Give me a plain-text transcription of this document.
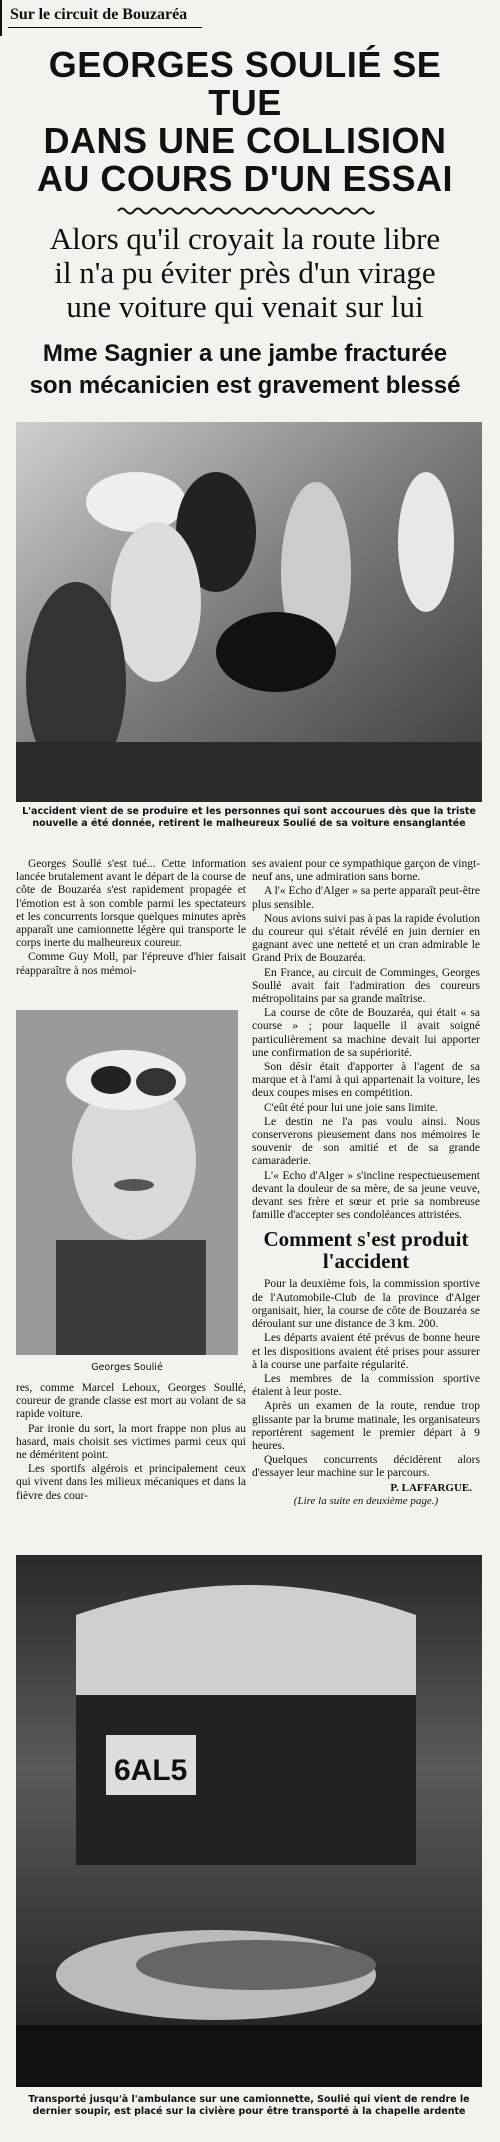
Sur le circuit de Bouzaréa
GEORGES SOULIÉ SE TUE
DANS UNE COLLISION
AU COURS D'UN ESSAI
Alors qu'il croyait la route libre
il n'a pu éviter près d'un virage
une voiture qui venait sur lui
Mme Sagnier a une jambe fracturée
son mécanicien est gravement blessé
L'accident vient de se produire et les personnes qui sont accourues dès que la triste nouvelle a été donnée, retirent le malheureux Soulié de sa voiture ensanglantée

Georges Soullé s'est tué... Cette information lancée brutalement avant le départ de la course de côte de Bouzaréa s'est rapidement propagée et l'émotion est à son comble parmi les spectateurs et les concurrents lorsque quelques minutes après apparaît une camionnette légère qui transporte le corps inerte du malheureux coureur.

Comme Guy Moll, par l'épreuve d'hier faisait réapparaître à nos mémoi-

Georges Soulié

res, comme Marcel Lehoux, Georges Soullé, coureur de grande classe est mort au volant de sa rapide voiture.

Par ironie du sort, la mort frappe non plus au hasard, mais choisit ses victimes parmi ceux qui ne déméritent point.

Les sportifs algérois et principalement ceux qui vivent dans les milieux mécaniques et dans la fièvre des cour-

ses avaient pour ce sympathique garçon de vingt-neuf ans, une admiration sans borne.

A l'« Echo d'Alger » sa perte apparaît peut-être plus sensible.

Nous avions suivi pas à pas la rapide évolution du coureur qui s'était révélé en juin dernier en gagnant avec une netteté et un cran admirable le Grand Prix de Bouzaréa.

En France, au circuit de Comminges, Georges Soullé avait fait l'admiration des coureurs métropolitains par sa grande maîtrise.

La course de côte de Bouzaréa, qui était « sa course » ; pour laquelle il avait soigné particulièrement sa machine devait lui apporter une confirmation de sa supériorité.

Son désir était d'apporter à l'agent de sa marque et à l'ami à qui appartenait la voiture, les deux coupes mises en compétition.

C'eût été pour lui une joie sans limite.

Le destin ne l'a pas voulu ainsi. Nous conserverons pieusement dans nos mémoires le souvenir de son amitié et de sa grande camaraderie.

L'« Echo d'Alger » s'incline respectueusement devant la douleur de sa mère, de sa jeune veuve, devant ses frère et sœur et prie sa nombreuse famille d'accepter ses condoléances attristées.

Comment s'est produit
l'accident

Pour la deuxième fois, la commission sportive de l'Automobile-Club de la province d'Alger organisait, hier, la course de côte de Bouzaréa se déroulant sur une distance de 3 km. 200.

Les départs avaient été prévus de bonne heure et les dispositions avaient été prises pour assurer à la course une parfaite régularité.

Les membres de la commission sportive étaient à leur poste.

Après un examen de la route, rendue trop glissante par la brume matinale, les organisateurs reportèrent sagement le premier départ à 9 heures.

Quelques concurrents décidèrent alors d'essayer leur machine sur le parcours.

P. LAFFARGUE.
(Lire la suite en deuxième page.)
6AL5
Transporté jusqu'à l'ambulance sur une camionnette, Soulié qui vient de rendre le dernier soupir, est placé sur la civière pour être transporté à la chapelle ardente
